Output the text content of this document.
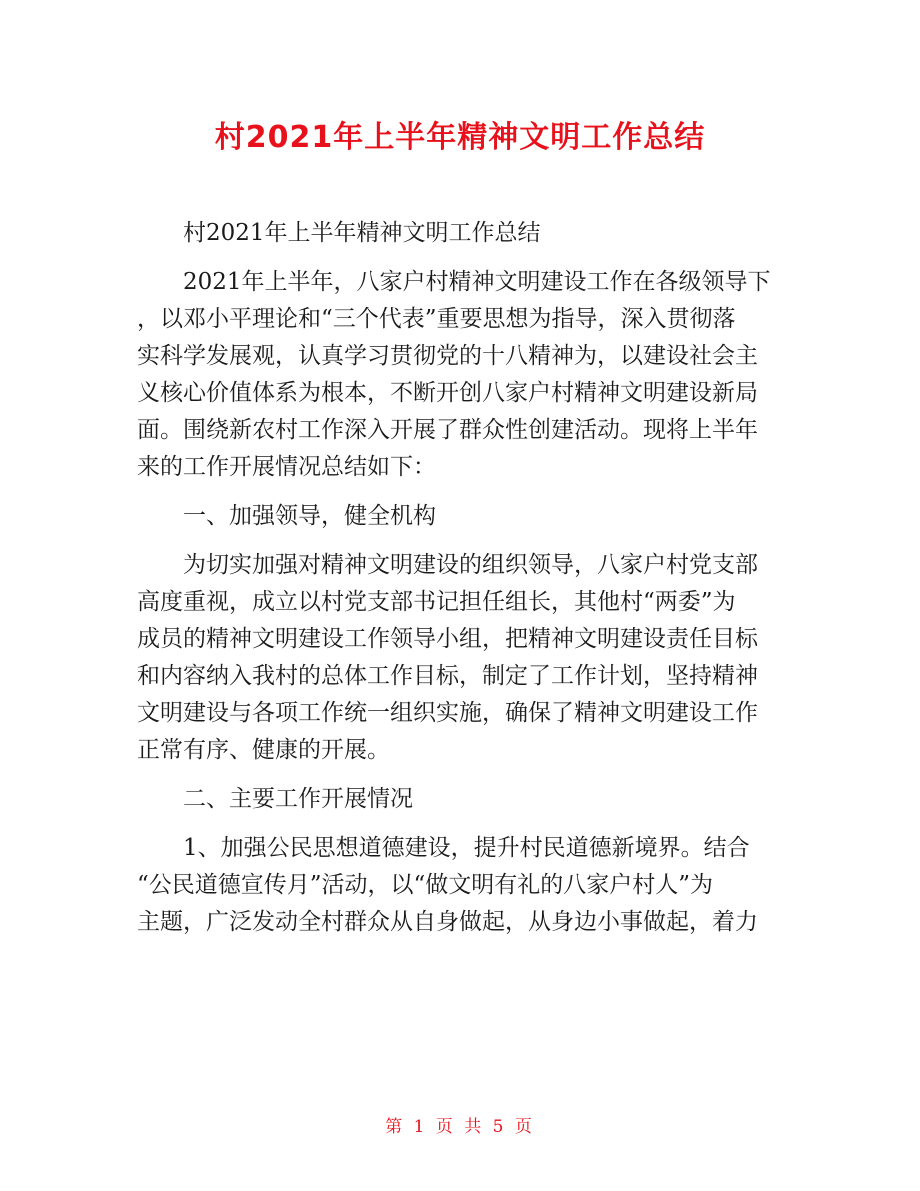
村2021年上半年精神文明工作总结
村2021年上半年精神文明工作总结
2021年上半年，八家户村精神文明建设工作在各级领导下
，以邓小平理论和“三个代表”重要思想为指导，深入贯彻落
实科学发展观，认真学习贯彻党的十八精神为，以建设社会主
义核心价值体系为根本，不断开创八家户村精神文明建设新局
面。围绕新农村工作深入开展了群众性创建活动。现将上半年
来的工作开展情况总结如下：
一、加强领导，健全机构
为切实加强对精神文明建设的组织领导，八家户村党支部
高度重视，成立以村党支部书记担任组长，其他村“两委”为
成员的精神文明建设工作领导小组，把精神文明建设责任目标
和内容纳入我村的总体工作目标，制定了工作计划，坚持精神
文明建设与各项工作统一组织实施，确保了精神文明建设工作
正常有序、健康的开展。
二、主要工作开展情况
1、加强公民思想道德建设，提升村民道德新境界。结合
“公民道德宣传月”活动，以“做文明有礼的八家户村人”为
主题，广泛发动全村群众从自身做起，从身边小事做起，着力
第 1 页 共 5 页
